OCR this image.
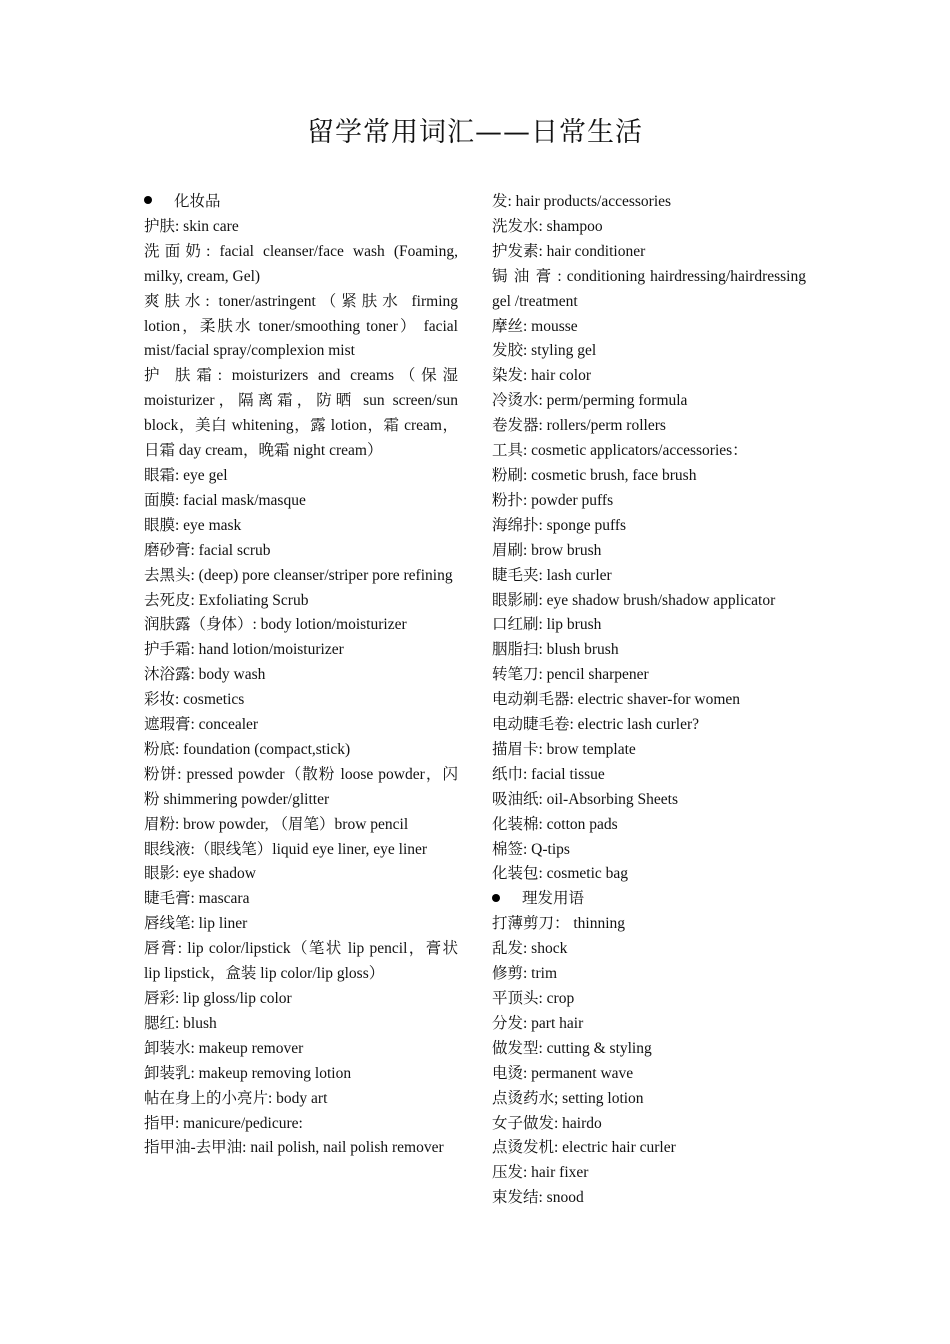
留学常用词汇——日常生活
化妆品
护肤: skin care
洗面奶: facial cleanser/face wash (Foaming, milky, cream, Gel)
爽肤水: toner/astringent（紧肤水 firming lotion，柔肤水 toner/smoothing toner） facial mist/facial spray/complexion mist
护 肤霜: moisturizers and creams（保湿 moisturizer，隔离霜，防晒 sun screen/sun block，美白 whitening，露 lotion，霜 cream，日霜 day cream，晚霜 night cream）
眼霜: eye gel
面膜: facial mask/masque
眼膜: eye mask
磨砂膏: facial scrub
去黑头: (deep) pore cleanser/striper pore refining
去死皮: Exfoliating Scrub
润肤露（身体）: body lotion/moisturizer
护手霜: hand lotion/moisturizer
沐浴露: body wash
彩妆: cosmetics
遮瑕膏: concealer
粉底: foundation (compact,stick)
粉饼: pressed powder（散粉 loose powder，闪粉 shimmering powder/glitter
眉粉: brow powder, （眉笔）brow pencil
眼线液:（眼线笔）liquid eye liner, eye liner
眼影: eye shadow
睫毛膏: mascara
唇线笔: lip liner
唇膏: lip color/lipstick（笔状 lip pencil，膏状 lip lipstick，盒装 lip color/lip gloss）
唇彩: lip gloss/lip color
腮红: blush
卸装水: makeup remover
卸装乳: makeup removing lotion
帖在身上的小亮片: body art
指甲: manicure/pedicure:
指甲油-去甲油: nail polish, nail polish remover
发: hair products/accessories
洗发水: shampoo
护发素: hair conditioner
锔 油 膏 : conditioning hairdressing/hairdressing gel /treatment
摩丝: mousse
发胶: styling gel
染发: hair color
冷烫水: perm/perming formula
卷发器: rollers/perm rollers
工具: cosmetic applicators/accessories：
粉刷: cosmetic brush, face brush
粉扑: powder puffs
海绵扑: sponge puffs
眉刷: brow brush
睫毛夹: lash curler
眼影刷: eye shadow brush/shadow applicator
口红刷: lip brush
胭脂扫: blush brush
转笔刀: pencil sharpener
电动剃毛器: electric shaver-for women
电动睫毛卷: electric lash curler?
描眉卡: brow template
纸巾: facial tissue
吸油纸: oil-Absorbing Sheets
化装棉: cotton pads
棉签: Q-tips
化装包: cosmetic bag
理发用语
打薄剪刀： thinning
乱发: shock
修剪: trim
平顶头: crop
分发: part hair
做发型: cutting & styling
电烫: permanent wave
点烫药水; setting lotion
女子做发: hairdo
点烫发机: electric hair curler
压发: hair fixer
束发结: snood
